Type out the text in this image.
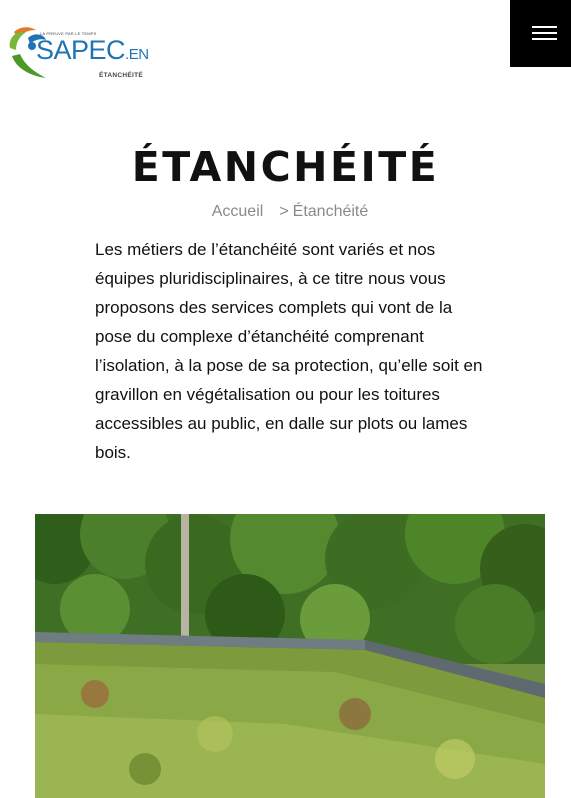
LA PREUVE PAR LE TEMPS
SAPEC.EN
ÉTANCHÉITÉ
ÉTANCHÉITÉ
Accueil > Étanchéité

Les métiers de l’étanchéité sont variés et nos équipes pluridisciplinaires, à ce titre nous vous proposons des services complets qui vont de la pose du complexe d’étanchéité comprenant l’isolation, à la pose de sa protection, qu’elle soit en gravillon en végétalisation ou pour les toitures accessibles au public, en dalle sur plots ou lames bois.
